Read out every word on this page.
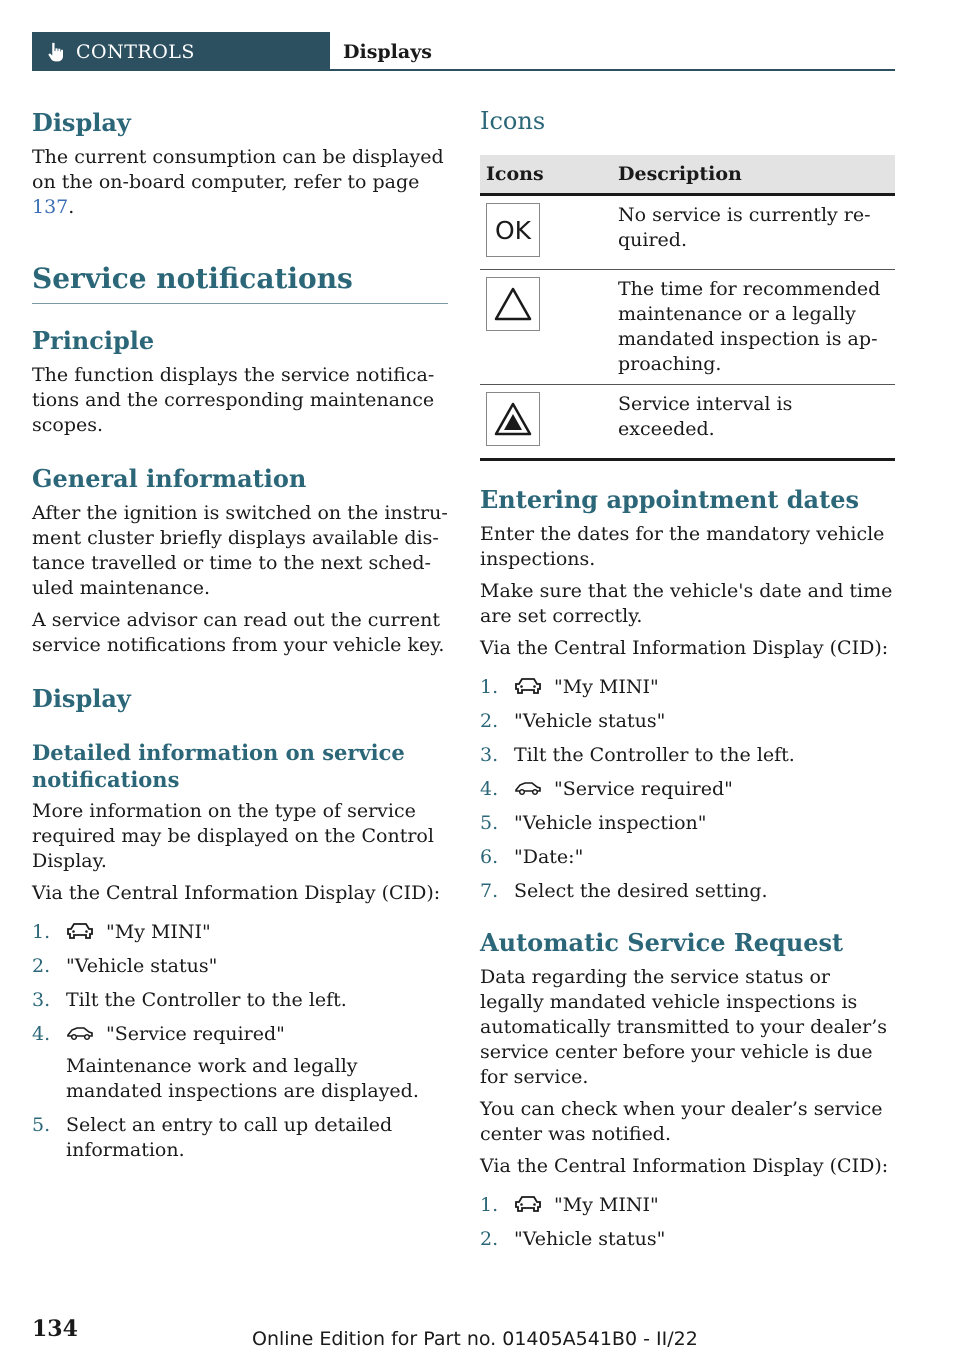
CONTROLS	Displays
Display

The current consumption can be displayed on the on-board computer, refer to page 137.

Service notifications
Principle

The function displays the service notifications and the corresponding maintenance scopes.

General information

After the ignition is switched on the instrument cluster briefly displays available distance travelled or time to the next scheduled maintenance.

A service advisor can read out the current service notifications from your vehicle key.

Display
Detailed information on service notifications

More information on the type of service required may be displayed on the Control Display.

Via the Central Information Display (CID):

1.	"My MINI"
2. "Vehicle status"
3. Tilt the Controller to the left.
4.	"Service required"

Maintenance work and legally mandated inspections are displayed.

5. Select an entry to call up detailed information.
Icons
Icons	Description

OK	No service is currently required.

	The time for recommended maintenance or a legally mandated inspection is approaching.

	Service interval is exceeded.
Entering appointment dates

Enter the dates for the mandatory vehicle inspections.

Make sure that the vehicle's date and time are set correctly.

Via the Central Information Display (CID):

1.	"My MINI"
2. "Vehicle status"
3. Tilt the Controller to the left.
4.	"Service required"
5. "Vehicle inspection"
6. "Date:"
7. Select the desired setting.
Automatic Service Request

Data regarding the service status or legally mandated vehicle inspections is automatically transmitted to your dealer’s service center before your vehicle is due for service.

You can check when your dealer’s service center was notified.

Via the Central Information Display (CID):

1.	"My MINI"
2. "Vehicle status"
134	Online Edition for Part no. 01405A541B0 - II/22
